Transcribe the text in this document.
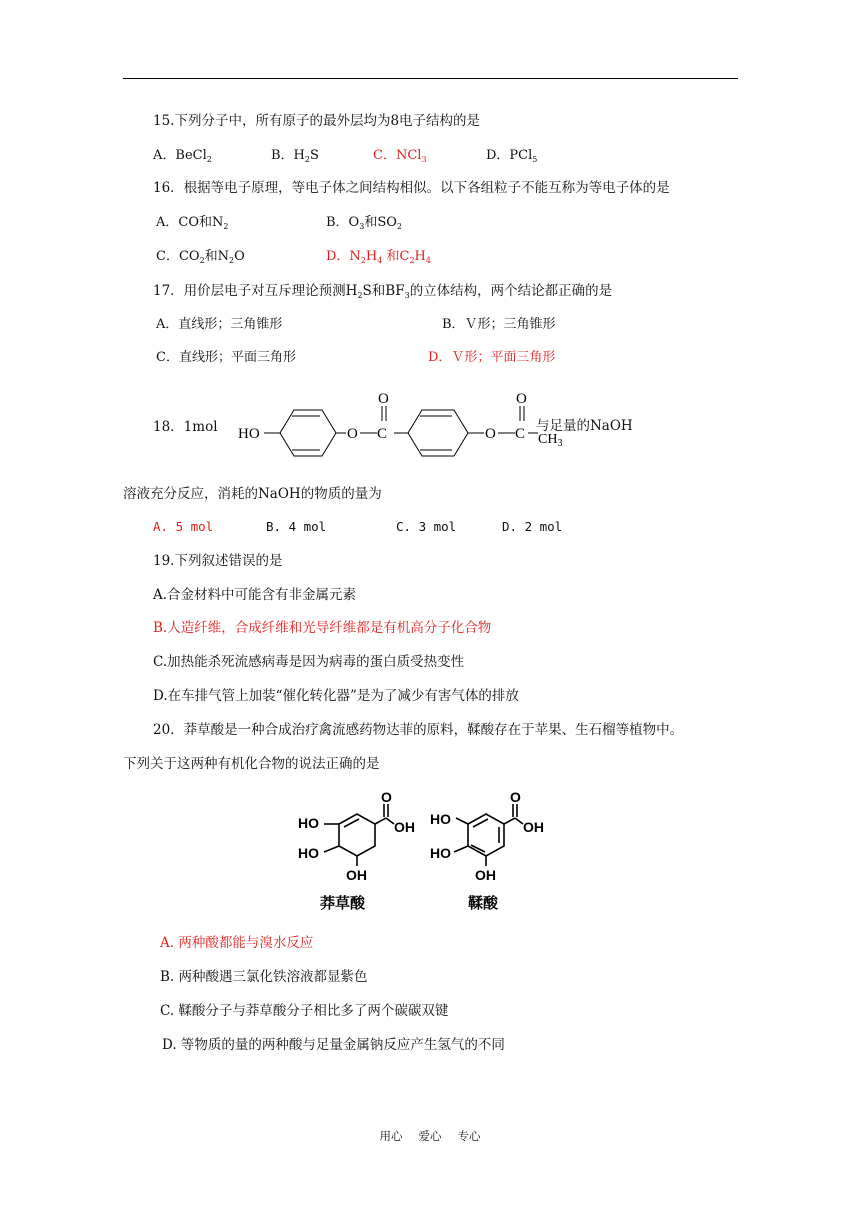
15.下列分子中，所有原子的最外层均为8电子结构的是
A．BeCl$_2$	B．$H_2S$	C．NCl$_3$	D．PCl$_5$
16．根据等电子原理，等电子体之间结构相似。以下各组粒子不能互称为等电子体的是
A．CO和$N_2$	B．$O_3$和$SO_2$
C．$CO_2$和$N_2O$	D．$N_2H_4$ 和$C_2H_4$
17．用价层电子对互斥理论预测$H_2S$和$BF_3$的立体结构，两个结论都正确的是
A．直线形；三角锥形	B．Ｖ形；三角锥形
C．直线形；平面三角形	D．Ｖ形；平面三角形
18．1mol HO	O C
O
O C
O
$CH_3$
与足量的NaOH
溶液充分反应，消耗的NaOH的物质的量为
A. 5 mol	B. 4 mol	C. 3 mol	D. 2 mol
19.下列叙述错误的是
A.合金材料中可能含有非金属元素
B.人造纤维，合成纤维和光导纤维都是有机高分子化合物
C.加热能杀死流感病毒是因为病毒的蛋白质受热变性
D.在车排气管上加装“催化转化器”是为了减少有害气体的排放
20．莽草酸是一种合成治疗禽流感药物达菲的原料，鞣酸存在于苹果、生石榴等植物中。
下列关于这两种有机化合物的说法正确的是
O
OH
HO
HO
OH
莽草酸
O
OH
HO
HO
OH
鞣酸
A. 两种酸都能与溴水反应
B. 两种酸遇三氯化铁溶液都显紫色
C. 鞣酸分子与莽草酸分子相比多了两个碳碳双键
D. 等物质的量的两种酸与足量金属钠反应产生氢气的不同
用心 爱心 专心
